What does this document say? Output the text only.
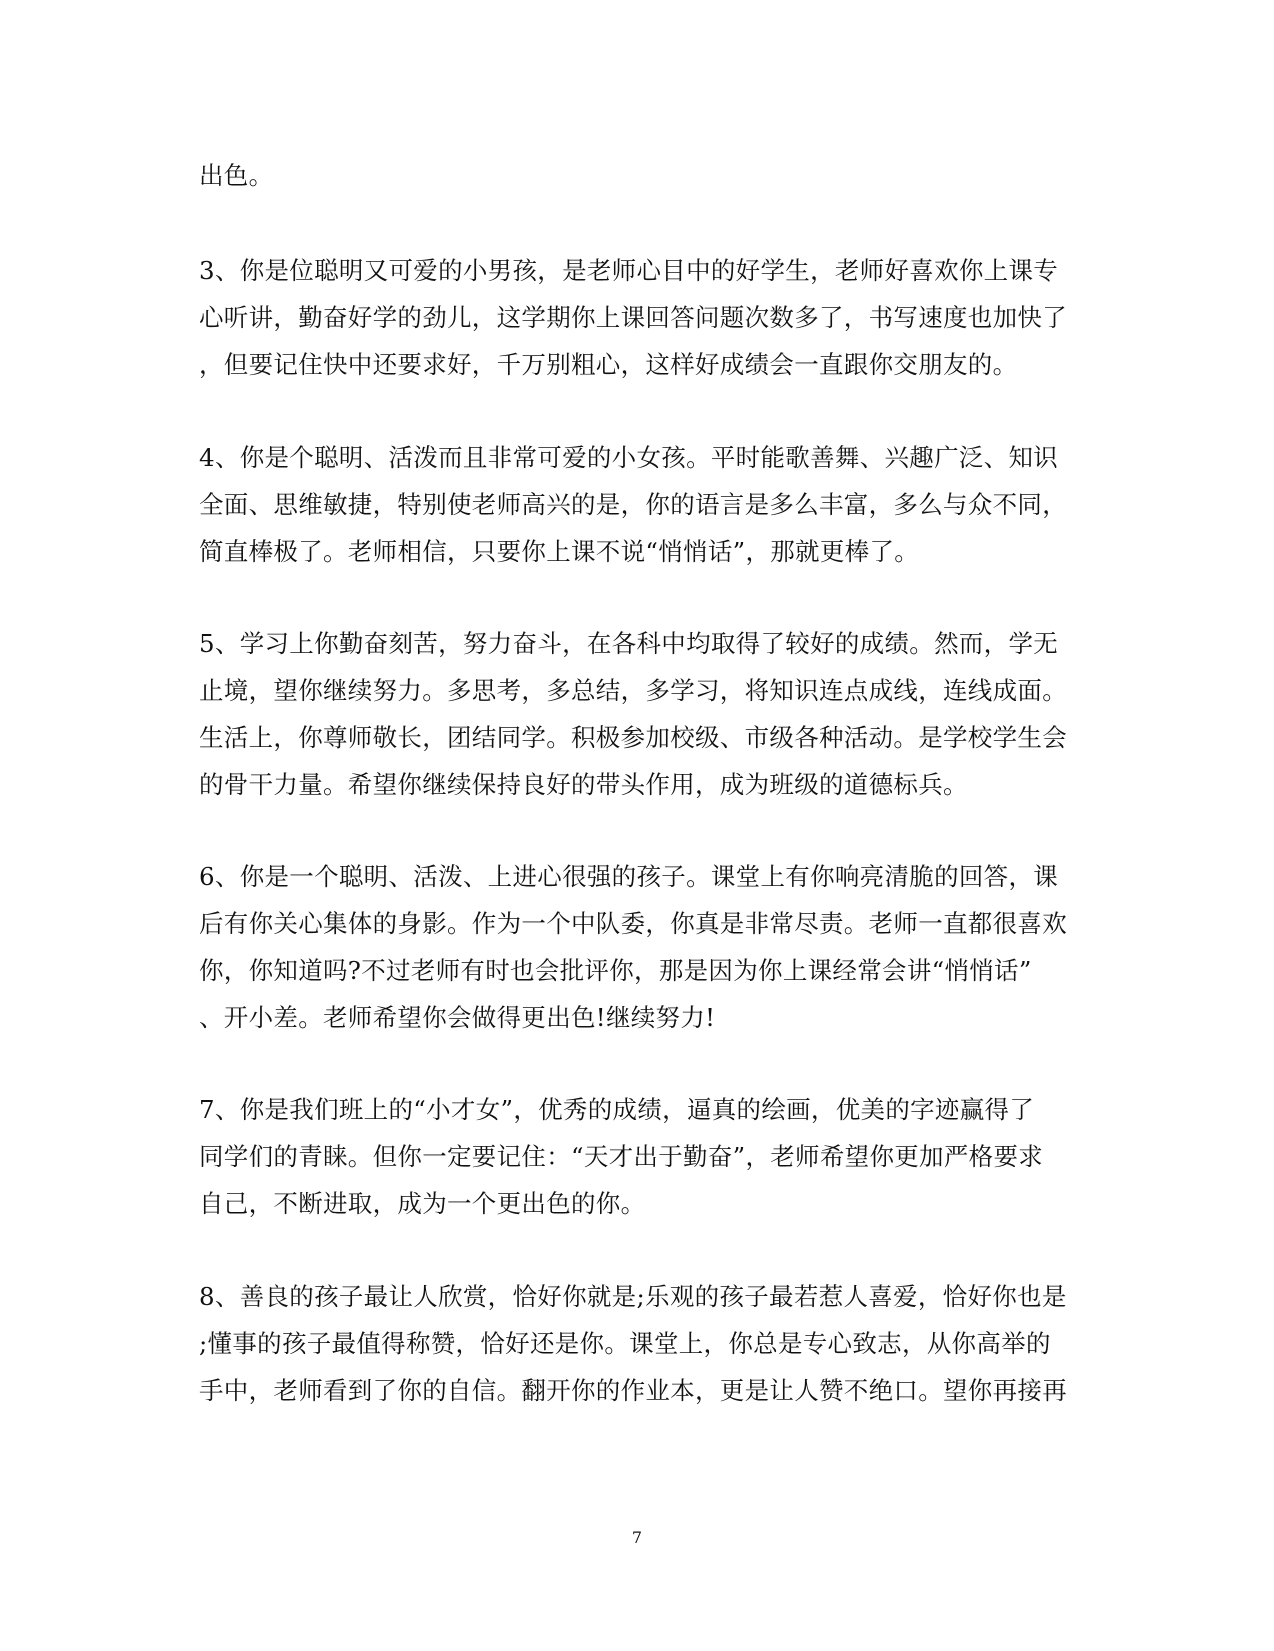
出色。
3、你是位聪明又可爱的小男孩，是老师心目中的好学生，老师好喜欢你上课专
心听讲，勤奋好学的劲儿，这学期你上课回答问题次数多了，书写速度也加快了
，但要记住快中还要求好，千万别粗心，这样好成绩会一直跟你交朋友的。
4、你是个聪明、活泼而且非常可爱的小女孩。平时能歌善舞、兴趣广泛、知识
全面、思维敏捷，特别使老师高兴的是，你的语言是多么丰富，多么与众不同，
简直棒极了。老师相信，只要你上课不说“悄悄话”，那就更棒了。
5、学习上你勤奋刻苦，努力奋斗，在各科中均取得了较好的成绩。然而，学无
止境，望你继续努力。多思考，多总结，多学习，将知识连点成线，连线成面。
生活上，你尊师敬长，团结同学。积极参加校级、市级各种活动。是学校学生会
的骨干力量。希望你继续保持良好的带头作用，成为班级的道德标兵。
6、你是一个聪明、活泼、上进心很强的孩子。课堂上有你响亮清脆的回答，课
后有你关心集体的身影。作为一个中队委，你真是非常尽责。老师一直都很喜欢
你，你知道吗?不过老师有时也会批评你，那是因为你上课经常会讲“悄悄话”
、开小差。老师希望你会做得更出色!继续努力!
7、你是我们班上的“小才女”，优秀的成绩，逼真的绘画，优美的字迹赢得了
同学们的青睐。但你一定要记住：“天才出于勤奋”，老师希望你更加严格要求
自己，不断进取，成为一个更出色的你。
8、善良的孩子最让人欣赏，恰好你就是;乐观的孩子最若惹人喜爱，恰好你也是
;懂事的孩子最值得称赞，恰好还是你。课堂上，你总是专心致志，从你高举的
手中，老师看到了你的自信。翻开你的作业本，更是让人赞不绝口。望你再接再
7
